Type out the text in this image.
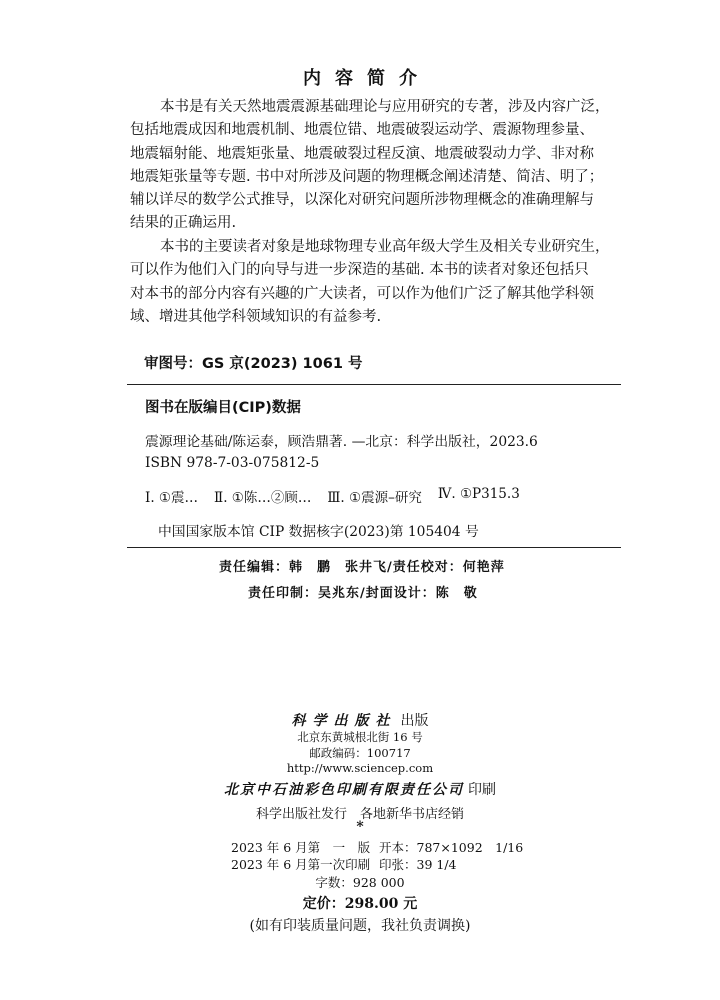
内容简介
本书是有关天然地震震源基础理论与应用研究的专著，涉及内容广泛，
包括地震成因和地震机制、地震位错、地震破裂运动学、震源物理参量、
地震辐射能、地震矩张量、地震破裂过程反演、地震破裂动力学、非对称
地震矩张量等专题. 书中对所涉及问题的物理概念阐述清楚、简洁、明了；
辅以详尽的数学公式推导，以深化对研究问题所涉物理概念的准确理解与
结果的正确运用.
本书的主要读者对象是地球物理专业高年级大学生及相关专业研究生，
可以作为他们入门的向导与进一步深造的基础. 本书的读者对象还包括只
对本书的部分内容有兴趣的广大读者，可以作为他们广泛了解其他学科领
域、增进其他学科领域知识的有益参考.
审图号：GS 京(2023) 1061 号
图书在版编目(CIP)数据
震源理论基础/陈运泰，顾浩鼎著. —北京：科学出版社，2023.6
ISBN 978-7-03-075812-5
Ⅰ. ①震… Ⅱ. ①陈…②顾… Ⅲ. ①震源–研究 Ⅳ. ①P315.3
中国国家版本馆 CIP 数据核字(2023)第 105404 号
责任编辑：韩　鹏　张井飞/责任校对：何艳萍
责任印制：吴兆东/封面设计：陈　敬
科学出版社 出版
北京东黄城根北街 16 号
邮政编码：100717
http://www.sciencep.com
北京中石油彩色印刷有限责任公司 印刷
科学出版社发行　各地新华书店经销
*
2023 年 6 月第　一　版 开本：787×1092　1/16
2023 年 6 月第一次印刷 印张：39 1/4
字数：928 000
定价：298.00 元
(如有印装质量问题，我社负责调换)
